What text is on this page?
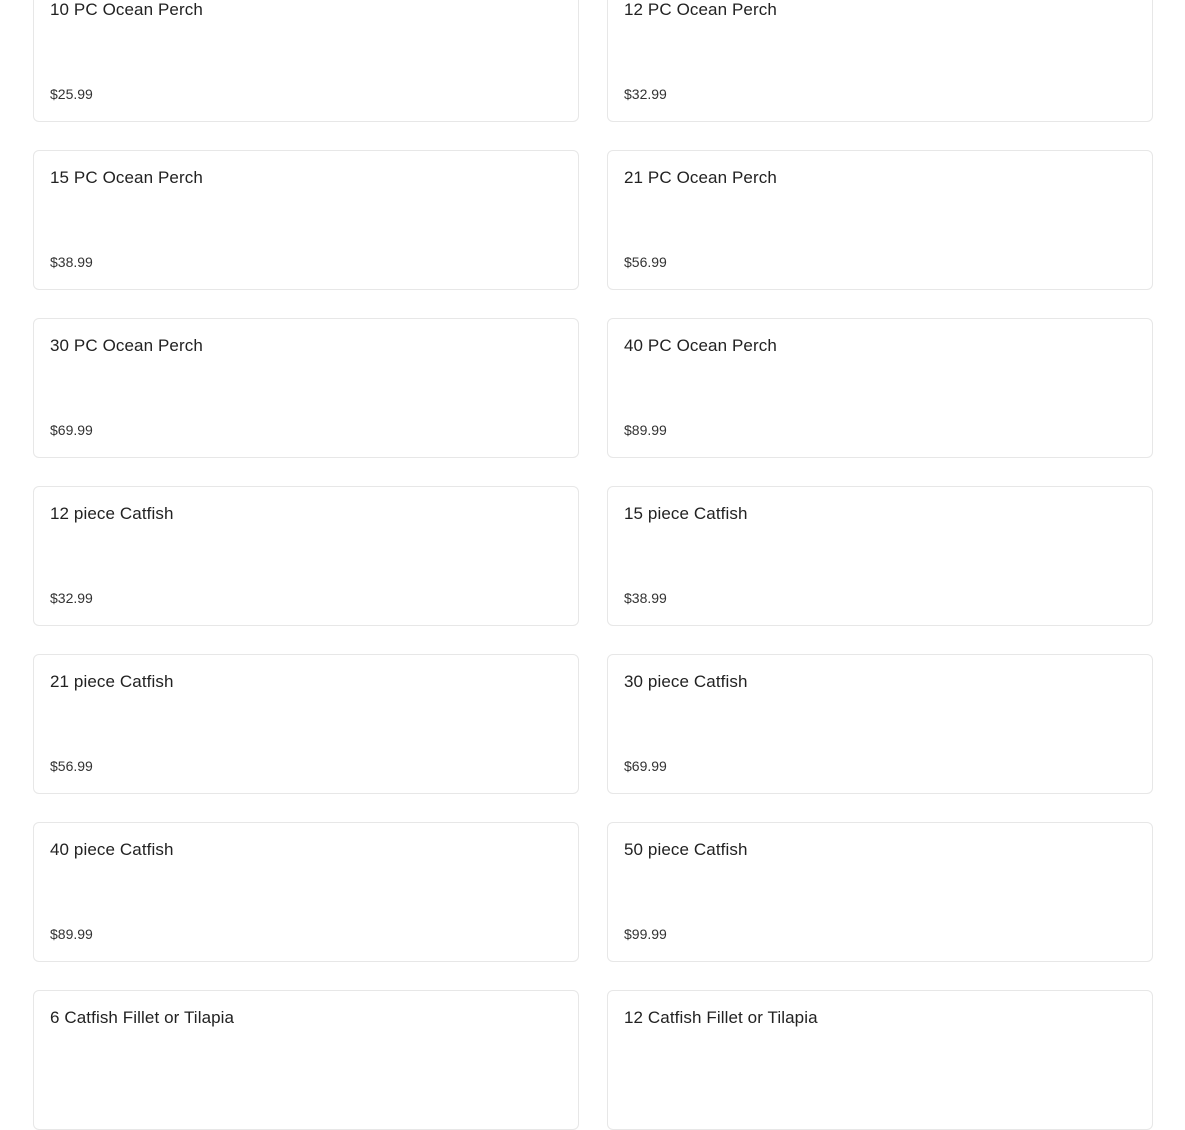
10 PC Ocean Perch
$25.99
12 PC Ocean Perch
$32.99
15 PC Ocean Perch
$38.99
21 PC Ocean Perch
$56.99
30 PC Ocean Perch
$69.99
40 PC Ocean Perch
$89.99
12 piece Catfish
$32.99
15 piece Catfish
$38.99
21 piece Catfish
$56.99
30 piece Catfish
$69.99
40 piece Catfish
$89.99
50 piece Catfish
$99.99
6 Catfish Fillet or Tilapia	12 Catfish Fillet or Tilapia
